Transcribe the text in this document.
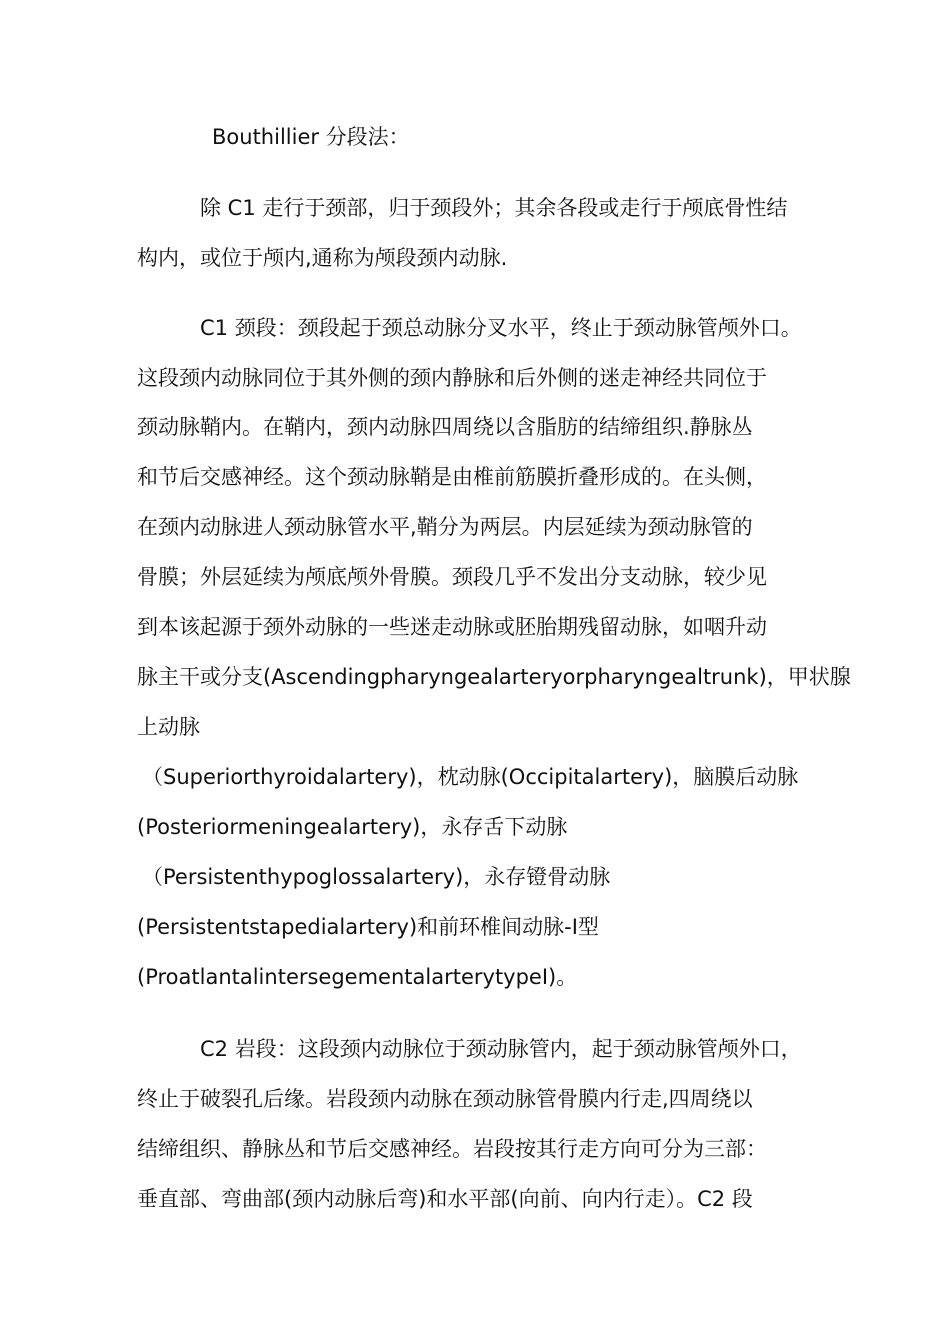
Bouthillier 分段法：
除 C1 走行于颈部，归于颈段外；其余各段或走行于颅底骨性结
构内，或位于颅内,通称为颅段颈内动脉.
C1 颈段：颈段起于颈总动脉分叉水平，终止于颈动脉管颅外口。
这段颈内动脉同位于其外侧的颈内静脉和后外侧的迷走神经共同位于
颈动脉鞘内。在鞘内，颈内动脉四周绕以含脂肪的结缔组织.静脉丛
和节后交感神经。这个颈动脉鞘是由椎前筋膜折叠形成的。在头侧，
在颈内动脉进人颈动脉管水平,鞘分为两层。内层延续为颈动脉管的
骨膜；外层延续为颅底颅外骨膜。颈段几乎不发出分支动脉，较少见
到本该起源于颈外动脉的一些迷走动脉或胚胎期残留动脉，如咽升动
脉主干或分支(Ascendingpharyngealarteryorpharyngealtrunk)，甲状腺
上动脉
（Superiorthyroidalartery)，枕动脉(Occipitalartery)，脑膜后动脉
(Posteriormeningealartery)，永存舌下动脉
（Persistenthypoglossalartery)，永存镫骨动脉
(Persistentstapedialartery)和前环椎间动脉-Ⅰ型
(ProatlantalintersegementalarterytypeⅠ)。
C2 岩段：这段颈内动脉位于颈动脉管内，起于颈动脉管颅外口，
终止于破裂孔后缘。岩段颈内动脉在颈动脉管骨膜内行走,四周绕以
结缔组织、静脉丛和节后交感神经。岩段按其行走方向可分为三部：
垂直部、弯曲部(颈内动脉后弯)和水平部(向前、向内行走）。C2 段
